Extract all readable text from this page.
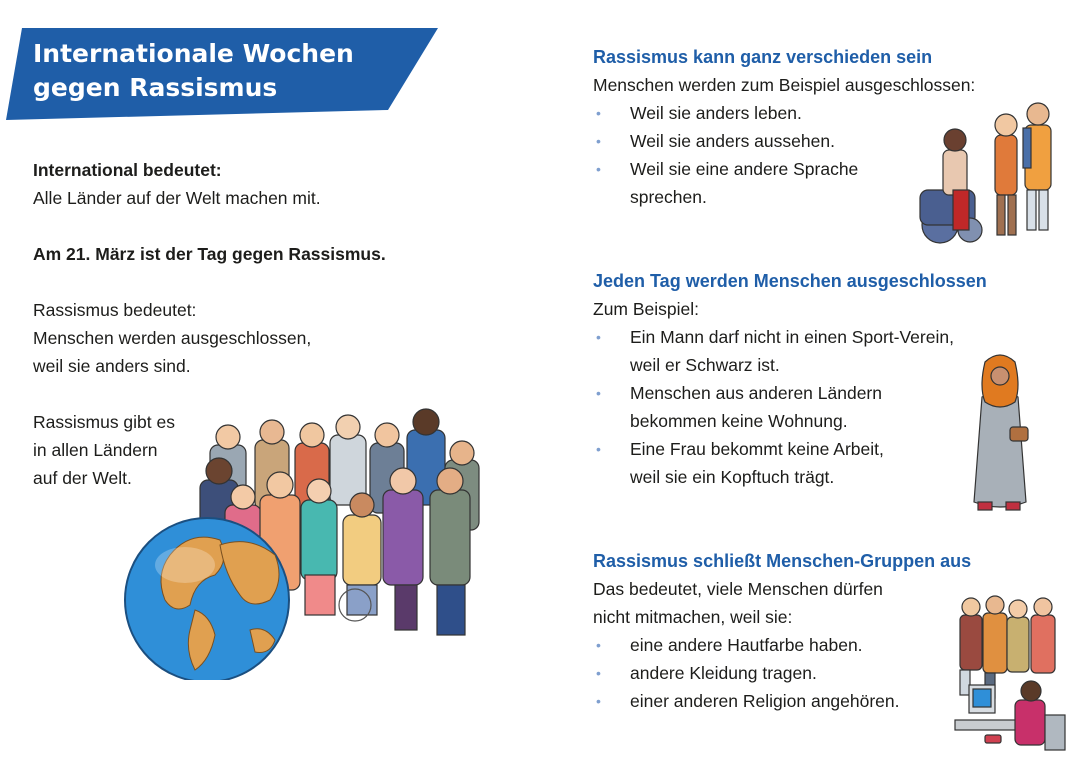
Internationale Wochen
gegen Rassismus

International bedeutet:

Alle Länder auf der Welt machen mit.

Am 21. März ist der Tag gegen Rassismus.

Rassismus bedeutet:

Menschen werden ausgeschlossen,

weil sie anders sind.

Rassismus gibt es

in allen Ländern

auf der Welt.

Rassismus kann ganz verschieden sein

Menschen werden zum Beispiel ausgeschlossen:

• Weil sie anders leben.
• Weil sie anders aussehen.
• Weil sie eine andere Sprache
sprechen.

Jeden Tag werden Menschen ausgeschlossen

Zum Beispiel:

• Ein Mann darf nicht in einen Sport-Verein,
weil er Schwarz ist.
• Menschen aus anderen Ländern
bekommen keine Wohnung.
• Eine Frau bekommt keine Arbeit,
weil sie ein Kopftuch trägt.

Rassismus schließt Menschen-Gruppen aus

Das bedeutet, viele Menschen dürfen

nicht mitmachen, weil sie:

• eine andere Hautfarbe haben.
• andere Kleidung tragen.
• einer anderen Religion angehören.
